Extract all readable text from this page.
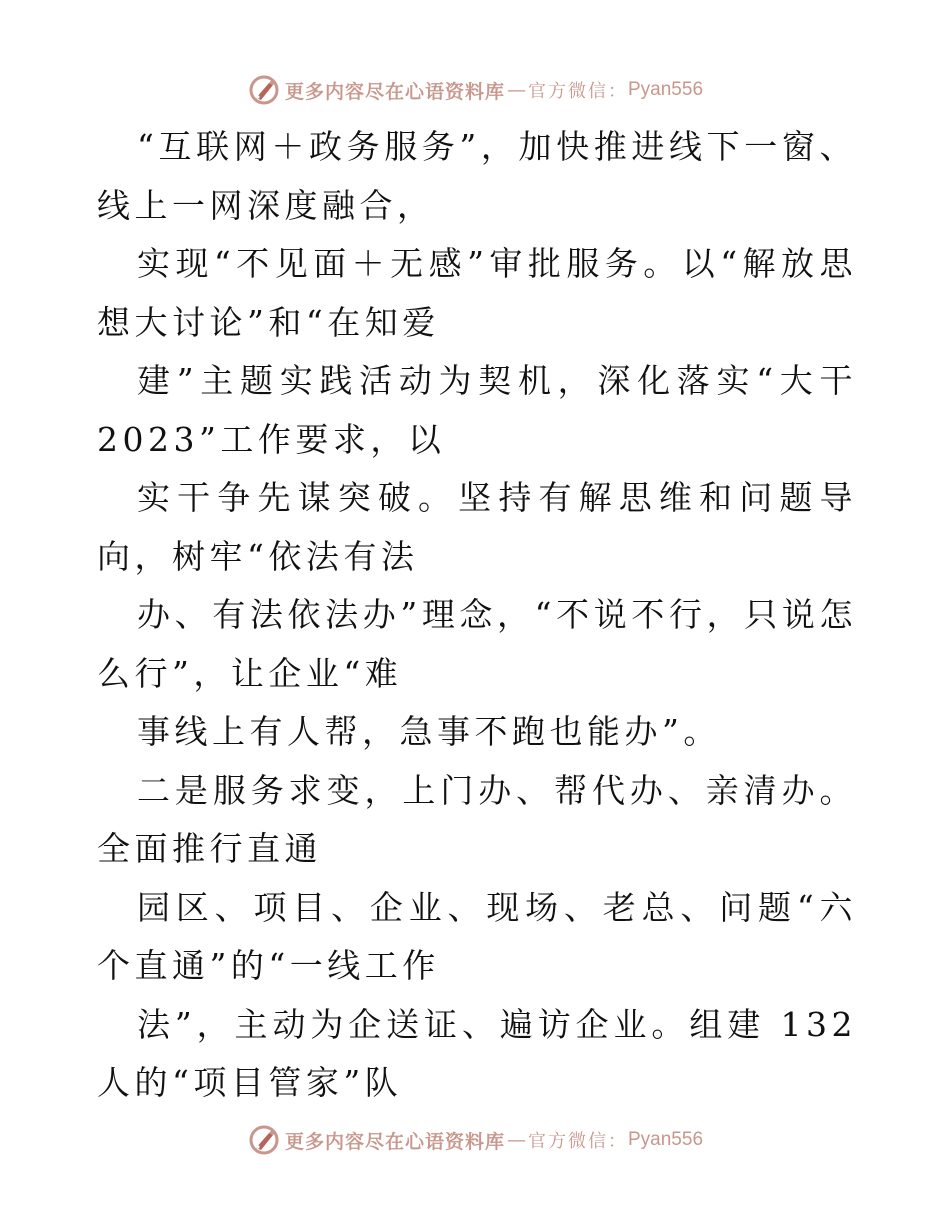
更多内容尽在心语资料库 — 官方微信： Pyan556

“互联网＋政务服务”，加快推进线下一窗、线上一网深度融合，

实现“不见面＋无感”审批服务。以“解放思想大讨论”和“在知爱

建”主题实践活动为契机，深化落实“大干 2023”工作要求，以

实干争先谋突破。坚持有解思维和问题导向，树牢“依法有法

办、有法依法办”理念，“不说不行，只说怎么行”，让企业“难

事线上有人帮，急事不跑也能办”。

二是服务求变，上门办、帮代办、亲清办。全面推行直通

园区、项目、企业、现场、老总、问题“六个直通”的“一线工作

法”，主动为企送证、遍访企业。组建 132 人的“项目管家”队

更多内容尽在心语资料库 — 官方微信： Pyan556
